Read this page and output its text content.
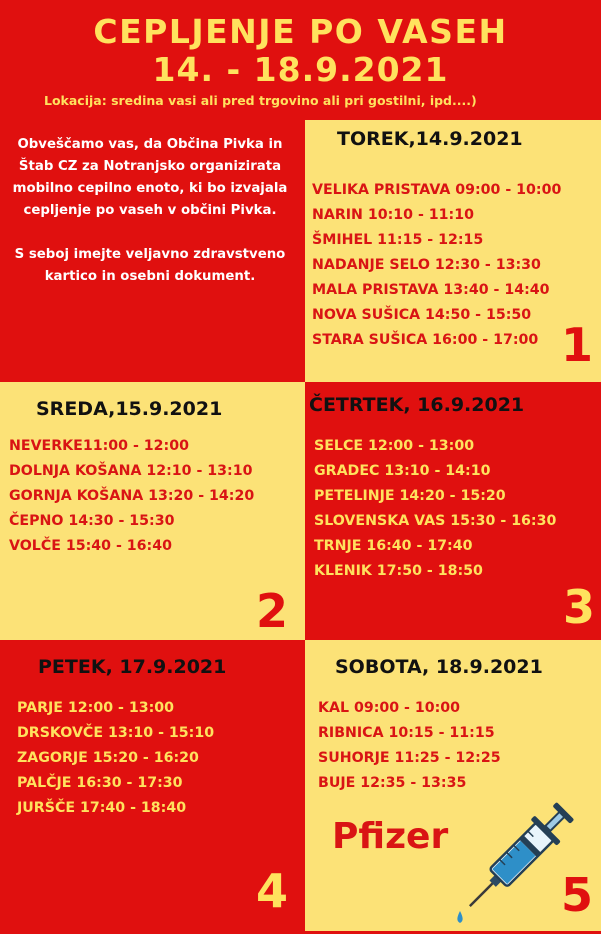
CEPLJENJE PO VASEH
14. - 18.9.2021
Lokacija: sredina vasi ali pred trgovino ali pri gostilni, ipd....)

Obveščamo vas, da Občina Pivka in Štab CZ za Notranjsko organizirata mobilno cepilno enoto, ki bo izvajala cepljenje po vaseh v občini Pivka.

S seboj imejte veljavno zdravstveno kartico in osebni dokument.

TOREK,14.9.2021
VELIKA PRISTAVA 09:00 - 10:00
NARIN 10:10 - 11:10
ŠMIHEL 11:15 - 12:15
NADANJE SELO 12:30 - 13:30
MALA PRISTAVA 13:40 - 14:40
NOVA SUŠICA 14:50 - 15:50
STARA SUŠICA 16:00 - 17:00 1
SREDA,15.9.2021
NEVERKE11:00 - 12:00
DOLNJA KOŠANA 12:10 - 13:10
GORNJA KOŠANA 13:20 - 14:20
ČEPNO 14:30 - 15:30
VOLČE 15:40 - 16:40
2
ČETRTEK, 16.9.2021
SELCE 12:00 - 13:00
GRADEC 13:10 - 14:10
PETELINJE 14:20 - 15:20
SLOVENSKA VAS 15:30 - 16:30
TRNJE 16:40 - 17:40
KLENIK 17:50 - 18:50
3
PETEK, 17.9.2021
PARJE 12:00 - 13:00
DRSKOVČE 13:10 - 15:10
ZAGORJE 15:20 - 16:20
PALČJE 16:30 - 17:30
JURŠČE 17:40 - 18:40
4
SOBOTA, 18.9.2021
KAL 09:00 - 10:00
RIBNICA 10:15 - 11:15
SUHORJE 11:25 - 12:25
BUJE 12:35 - 13:35
5
Pfizer
